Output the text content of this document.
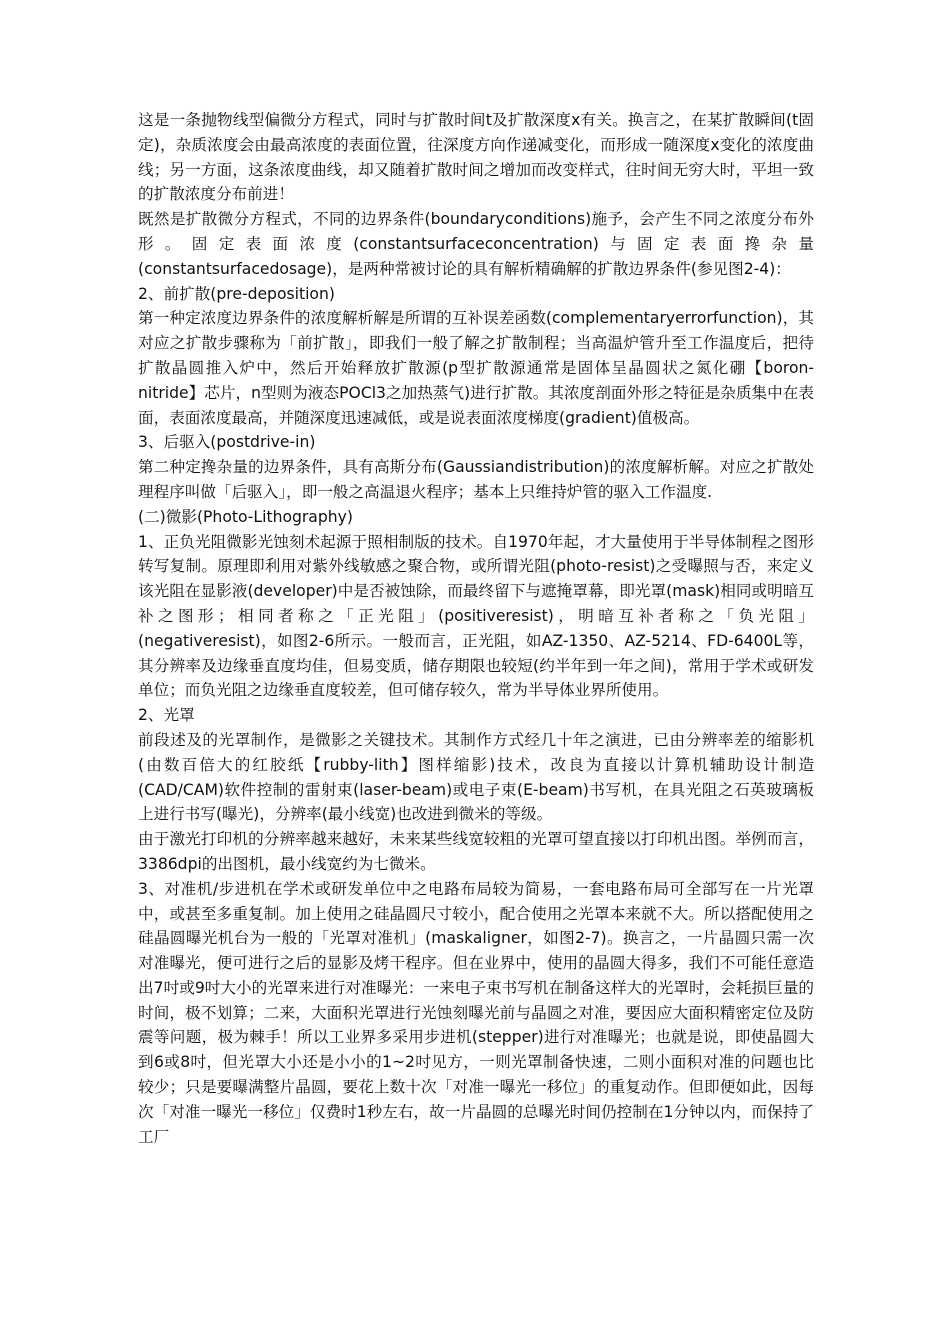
这是一条抛物线型偏微分方程式，同时与扩散时间t及扩散深度x有关。换言之，在某扩散瞬间(t固定)，杂质浓度会由最高浓度的表面位置，往深度方向作递减变化，而形成一随深度x变化的浓度曲线；另一方面，这条浓度曲线，却又随着扩散时间之增加而改变样式，往时间无穷大时，平坦一致的扩散浓度分布前进！

既然是扩散微分方程式，不同的边界条件(boundaryconditions)施予，会产生不同之浓度分布外形。固定表面浓度(constantsurfaceconcentration)与固定表面搀杂量(constantsurfacedosage)，是两种常被讨论的具有解析精确解的扩散边界条件(参见图2-4)：

2、前扩散(pre-deposition)

第一种定浓度边界条件的浓度解析解是所谓的互补误差函数(complementaryerrorfunction)，其对应之扩散步骤称为「前扩散」，即我们一般了解之扩散制程；当高温炉管升至工作温度后，把待扩散晶圆推入炉中，然后开始释放扩散源(p型扩散源通常是固体呈晶圆状之氮化硼【boron-nitride】芯片，n型则为液态POCl3之加热蒸气)进行扩散。其浓度剖面外形之特征是杂质集中在表面，表面浓度最高，并随深度迅速减低，或是说表面浓度梯度(gradient)值极高。

3、后驱入(postdrive-in)

第二种定搀杂量的边界条件，具有高斯分布(Gaussiandistribution)的浓度解析解。对应之扩散处理程序叫做「后驱入」，即一般之高温退火程序；基本上只维持炉管的驱入工作温度.

(二)微影(Photo-Lithography)

1、正负光阻微影光蚀刻术起源于照相制版的技术。自1970年起，才大量使用于半导体制程之图形转写复制。原理即利用对紫外线敏感之聚合物，或所谓光阻(photo-resist)之受曝照与否，来定义该光阻在显影液(developer)中是否被蚀除，而最终留下与遮掩罩幕，即光罩(mask)相同或明暗互补之图形；相同者称之「正光阻」(positiveresist)，明暗互补者称之「负光阻」(negativeresist)，如图2-6所示。一般而言，正光阻，如AZ-1350、AZ-5214、FD-6400L等，其分辨率及边缘垂直度均佳，但易变质，储存期限也较短(约半年到一年之间)，常用于学术或研发单位；而负光阻之边缘垂直度较差，但可储存较久，常为半导体业界所使用。

2、光罩

前段述及的光罩制作，是微影之关键技术。其制作方式经几十年之演进，已由分辨率差的缩影机(由数百倍大的红胶纸【rubby-lith】图样缩影)技术，改良为直接以计算机辅助设计制造(CAD/CAM)软件控制的雷射束(laser-beam)或电子束(E-beam)书写机，在具光阻之石英玻璃板上进行书写(曝光)，分辨率(最小线宽)也改进到微米的等级。

由于激光打印机的分辨率越来越好，未来某些线宽较粗的光罩可望直接以打印机出图。举例而言，3386dpi的出图机，最小线宽约为七微米。

3、对准机/步进机在学术或研发单位中之电路布局较为简易，一套电路布局可全部写在一片光罩中，或甚至多重复制。加上使用之硅晶圆尺寸较小，配合使用之光罩本来就不大。所以搭配使用之硅晶圆曝光机台为一般的「光罩对准机」(maskaligner，如图2-7)。换言之，一片晶圆只需一次对准曝光，便可进行之后的显影及烤干程序。但在业界中，使用的晶圆大得多，我们不可能任意造出7吋或9吋大小的光罩来进行对准曝光：一来电子束书写机在制备这样大的光罩时，会耗损巨量的时间，极不划算；二来，大面积光罩进行光蚀刻曝光前与晶圆之对准，要因应大面积精密定位及防震等问题，极为棘手！所以工业界多采用步进机(stepper)进行对准曝光；也就是说，即使晶圆大到6或8吋，但光罩大小还是小小的1~2吋见方，一则光罩制备快速，二则小面积对准的问题也比较少；只是要曝满整片晶圆，要花上数十次「对准一曝光一移位」的重复动作。但即便如此，因每次「对准一曝光一移位」仅费时1秒左右，故一片晶圆的总曝光时间仍控制在1分钟以内，而保持了工厂
